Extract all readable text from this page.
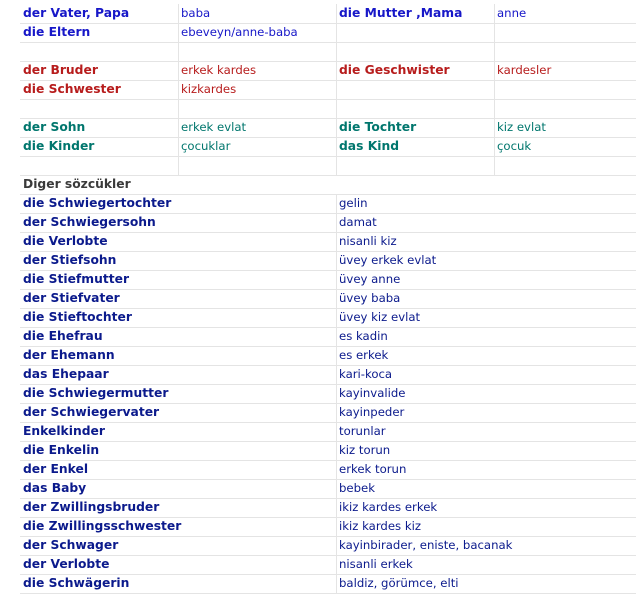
der Vater, Papa	baba	die Mutter ,Mama	anne
die Eltern	ebeveyn/anne-baba
der Bruder	erkek kardes	die Geschwister	kardesler
die Schwester	kizkardes
der Sohn	erkek evlat	die Tochter	kiz evlat
die Kinder	çocuklar	das Kind	çocuk
Diger sözcükler
die Schwiegertochter	gelin
der Schwiegersohn	damat
die Verlobte	nisanli kiz
der Stiefsohn	üvey erkek evlat
die Stiefmutter	üvey anne
der Stiefvater	üvey baba
die Stieftochter	üvey kiz evlat
die Ehefrau	es kadin
der Ehemann	es erkek
das Ehepaar	kari-koca
die Schwiegermutter	kayinvalide
der Schwiegervater	kayinpeder
Enkelkinder	torunlar
die Enkelin	kiz torun
der Enkel	erkek torun
das Baby	bebek
der Zwillingsbruder	ikiz kardes erkek
die Zwillingsschwester	ikiz kardes kiz
der Schwager	kayinbirader, eniste, bacanak
der Verlobte	nisanli erkek
die Schwägerin	baldiz, görümce, elti
